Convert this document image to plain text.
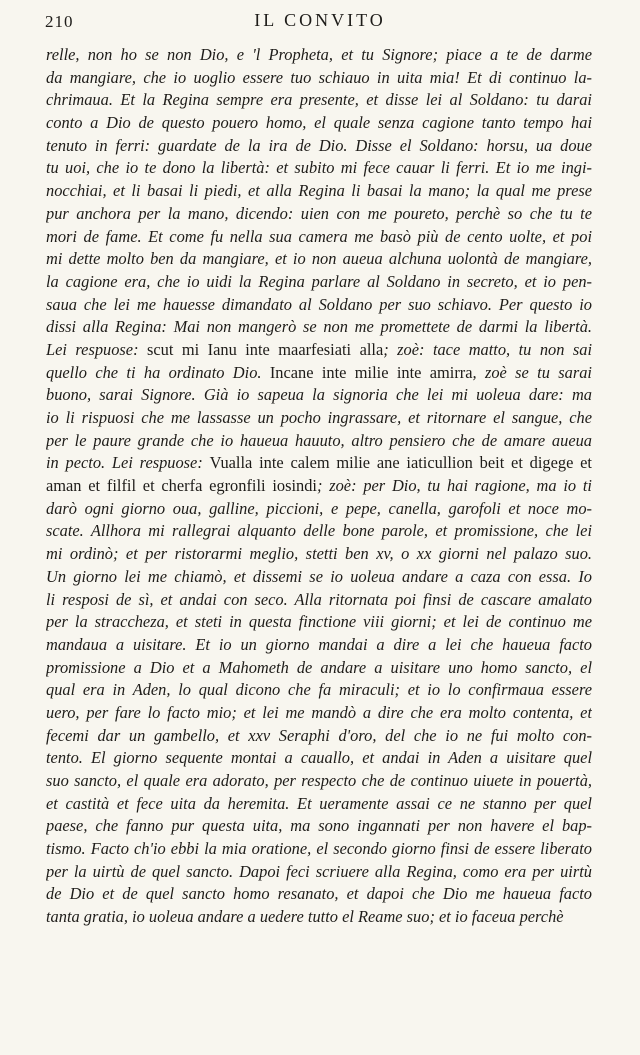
210	IL CONVITO
relle, non ho se non Dio, e 'l Propheta, et tu Signore; piace a te de darme
da mangiare, che io uoglio essere tuo schiauo in uita mia! Et di continuo la-
chrimaua. Et la Regina sempre era presente, et disse lei al Soldano: tu darai
conto a Dio de questo pouero homo, el quale senza cagione tanto tempo hai
tenuto in ferri: guardate de la ira de Dio. Disse el Soldano: horsu, ua doue
tu uoi, che io te dono la libertà: et subito mi fece cauar li ferri. Et io me ingi-
nocchiai, et li basai li piedi, et alla Regina li basai la mano; la qual me prese
pur anchora per la mano, dicendo: uien con me poureto, perchè so che tu te
mori de fame. Et come fu nella sua camera me basò più de cento uolte, et poi
mi dette molto ben da mangiare, et io non aueua alchuna uolontà de mangiare,
la cagione era, che io uidi la Regina parlare al Soldano in secreto, et io pen-
saua che lei me hauesse dimandato al Soldano per suo schiavo. Per questo io
dissi alla Regina: Mai non mangerò se non me promettete de darmi la libertà.
Lei respuose: scut mi Ianu inte maarfesiati alla; zoè: tace matto, tu non sai
quello che ti ha ordinato Dio. Incane inte milie inte amirra, zoè se tu sarai
buono, sarai Signore. Già io sapeua la signoria che lei mi uoleua dare: ma
io li rispuosi che me lassasse un pocho ingrassare, et ritornare el sangue, che
per le paure grande che io haueua hauuto, altro pensiero che de amare aueua
in pecto. Lei respuose: Vualla inte calem milie ane iaticullion beit et digege et
aman et filfil et cherfa egronfili iosindi; zoè: per Dio, tu hai ragione, ma io ti
darò ogni giorno oua, galline, piccioni, e pepe, canella, garofoli et noce mo-
scate. Allhora mi rallegrai alquanto delle bone parole, et promissione, che lei
mi ordinò; et per ristorarmi meglio, stetti ben xv, o xx giorni nel palazo suo.
Un giorno lei me chiamò, et dissemi se io uoleua andare a caza con essa. Io
li resposi de sì, et andai con seco. Alla ritornata poi finsi de cascare amalato
per la straccheza, et steti in questa finctione viii giorni; et lei de continuo me
mandaua a uisitare. Et io un giorno mandai a dire a lei che haueua facto
promissione a Dio et a Mahometh de andare a uisitare uno homo sancto, el
qual era in Aden, lo qual dicono che fa miraculi; et io lo confirmaua essere
uero, per fare lo facto mio; et lei me mandò a dire che era molto contenta, et
fecemi dar un gambello, et xxv Seraphi d'oro, del che io ne fui molto con-
tento. El giorno sequente montai a cauallo, et andai in Aden a uisitare quel
suo sancto, el quale era adorato, per respecto che de continuo uiuete in pouertà,
et castità et fece uita da heremita. Et ueramente assai ce ne stanno per quel
paese, che fanno pur questa uita, ma sono ingannati per non havere el bap-
tismo. Facto ch'io ebbi la mia oratione, el secondo giorno finsi de essere liberato
per la uirtù de quel sancto. Dapoi feci scriuere alla Regina, como era per uirtù
de Dio et de quel sancto homo resanato, et dapoi che Dio me haueua facto
tanta gratia, io uoleua andare a uedere tutto el Reame suo; et io faceua perchè
